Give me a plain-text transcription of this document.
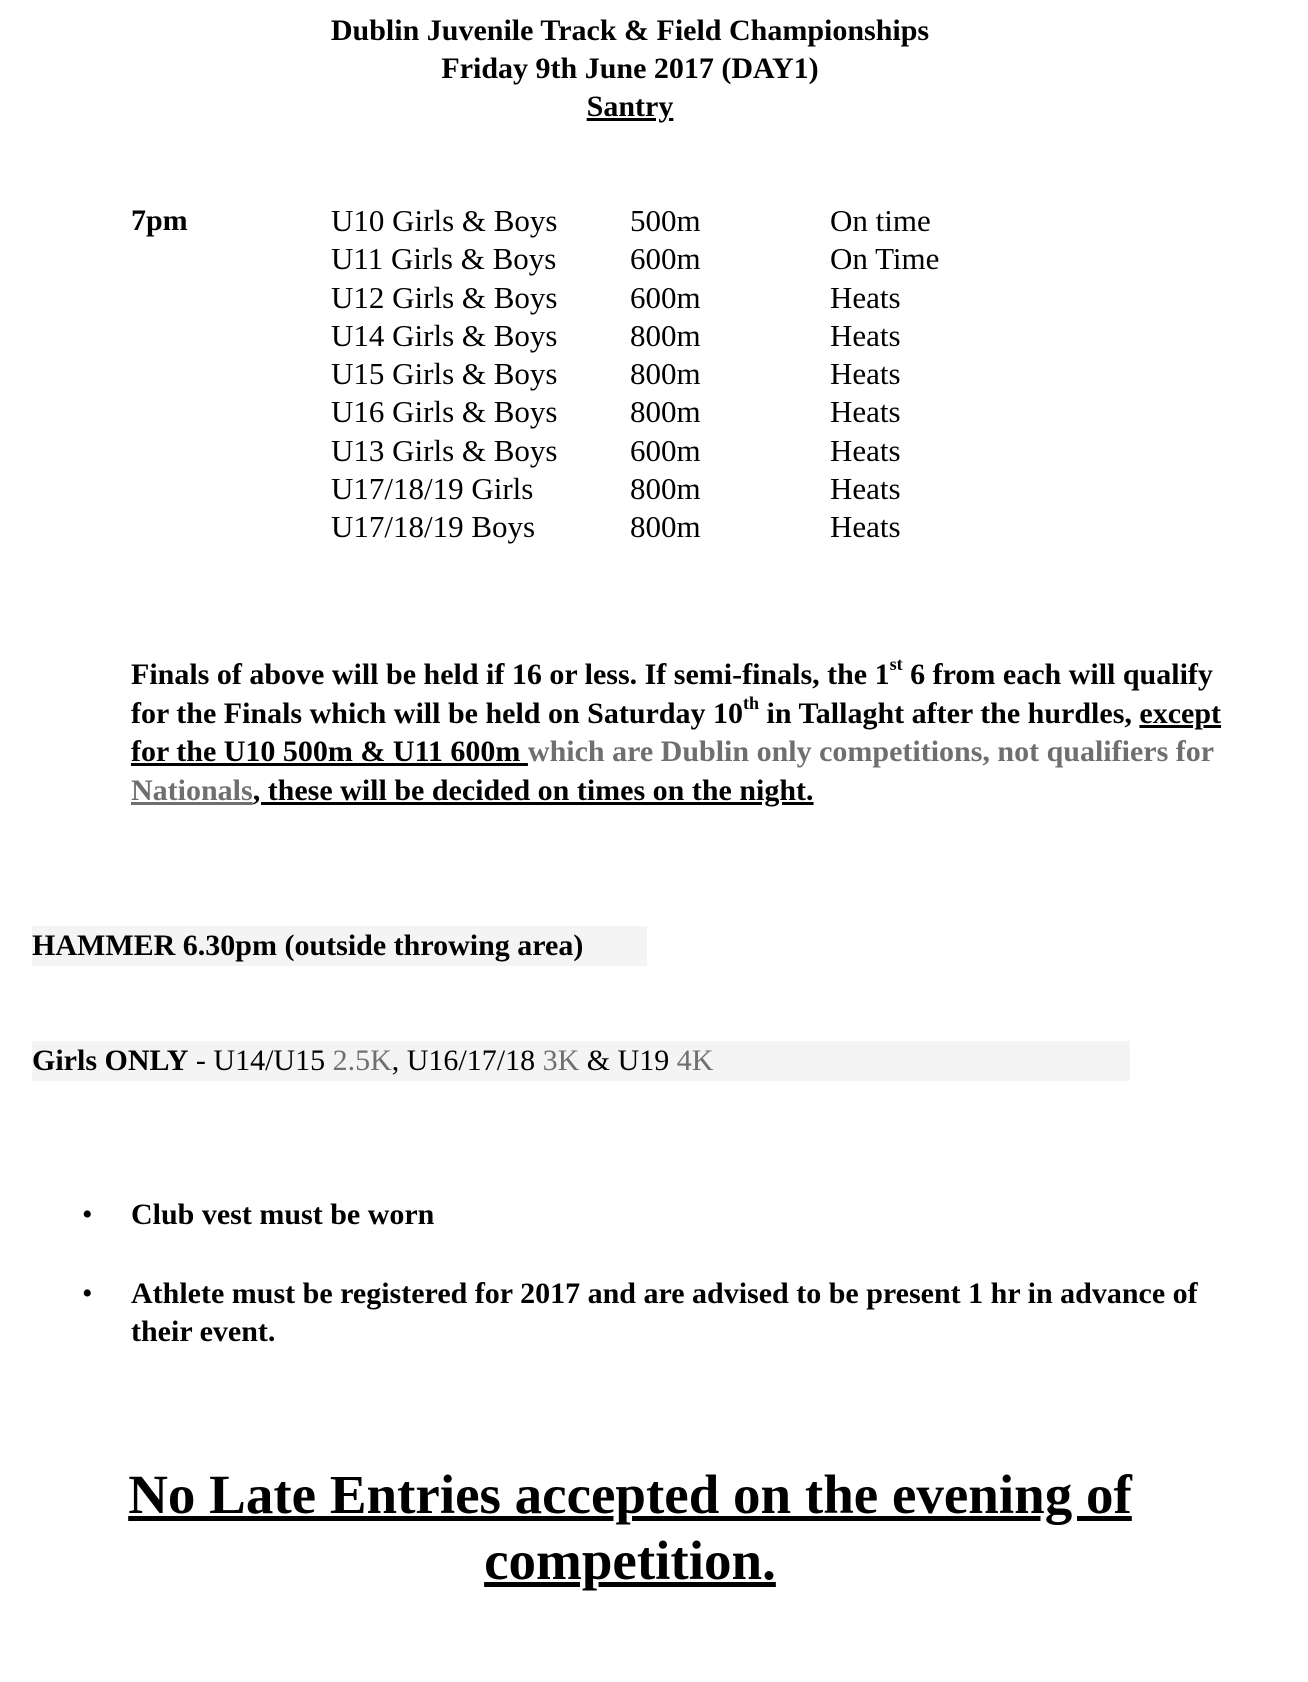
Dublin Juvenile Track & Field Championships
Friday 9th June 2017 (DAY1)
Santry
7pm	U10 Girls & Boys	500m	On time
U11 Girls & Boys	600m	On Time
U12 Girls & Boys	600m	Heats
U14 Girls & Boys	800m	Heats
U15 Girls & Boys	800m	Heats
U16 Girls & Boys	800m	Heats
U13 Girls & Boys	600m	Heats
U17/18/19 Girls	800m	Heats
U17/18/19 Boys	800m	Heats
Finals of above will be held if 16 or less. If semi-finals, the 1st 6 from each will qualify for the Finals which will be held on Saturday 10th in Tallaght after the hurdles, except for the U10 500m & U11 600m which are Dublin only competitions, not qualifiers for Nationals, these will be decided on times on the night.
HAMMER 6.30pm (outside throwing area)
Girls ONLY - U14/U15 2.5K, U16/17/18 3K & U19 4K
• Club vest must be worn
• Athlete must be registered for 2017 and are advised to be present 1 hr in advance of their event.
No Late Entries accepted on the evening of competition.
